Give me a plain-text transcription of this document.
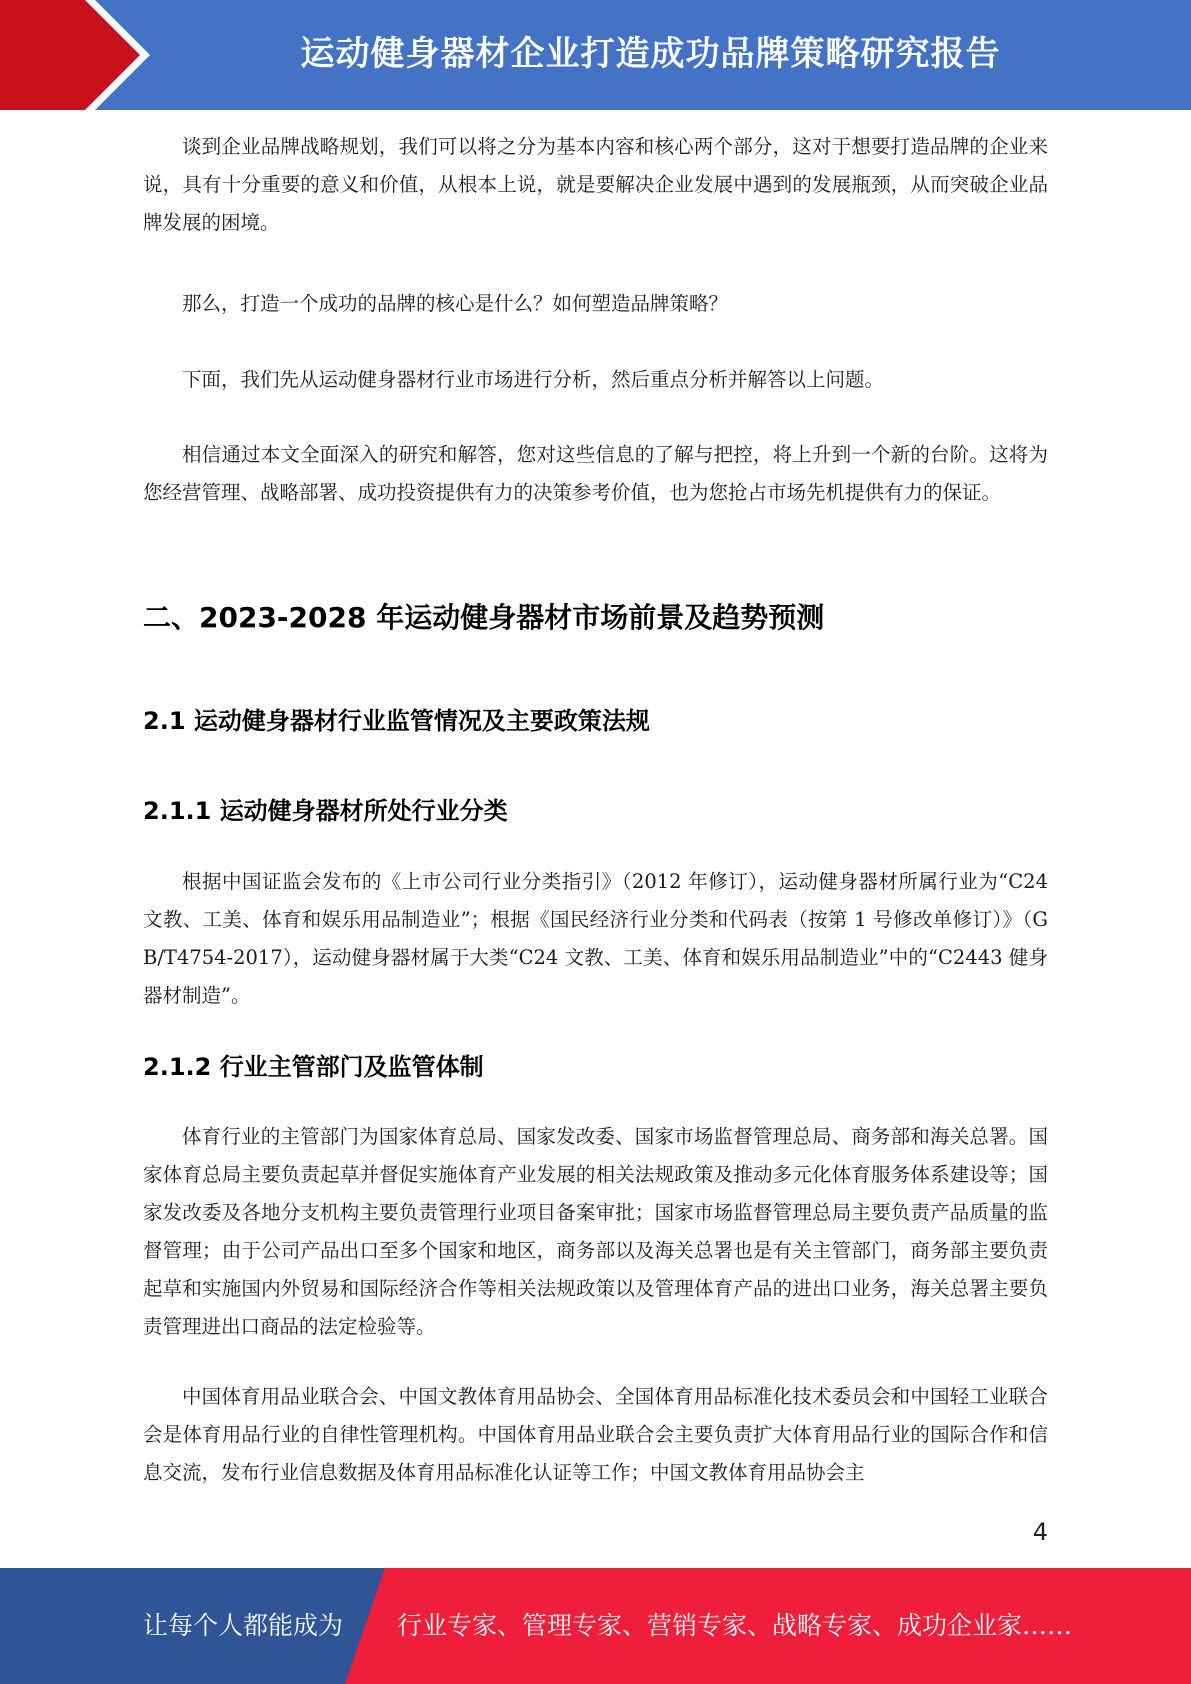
运动健身器材企业打造成功品牌策略研究报告

谈到企业品牌战略规划，我们可以将之分为基本内容和核心两个部分，这对于想要打造品牌的企业来说，具有十分重要的意义和价值，从根本上说，就是要解决企业发展中遇到的发展瓶颈，从而突破企业品牌发展的困境。

那么，打造一个成功的品牌的核心是什么？如何塑造品牌策略？

下面，我们先从运动健身器材行业市场进行分析，然后重点分析并解答以上问题。

相信通过本文全面深入的研究和解答，您对这些信息的了解与把控，将上升到一个新的台阶。这将为您经营管理、战略部署、成功投资提供有力的决策参考价值，也为您抢占市场先机提供有力的保证。

二、2023-2028 年运动健身器材市场前景及趋势预测
2.1 运动健身器材行业监管情况及主要政策法规
2.1.1 运动健身器材所处行业分类

根据中国证监会发布的《上市公司行业分类指引》（2012 年修订），运动健身器材所属行业为“C24 文教、工美、体育和娱乐用品制造业”；根据《国民经济行业分类和代码表（按第 1 号修改单修订）》（GB/T4754-2017），运动健身器材属于大类“C24 文教、工美、体育和娱乐用品制造业”中的“C2443 健身器材制造”。

2.1.2 行业主管部门及监管体制

体育行业的主管部门为国家体育总局、国家发改委、国家市场监督管理总局、商务部和海关总署。国家体育总局主要负责起草并督促实施体育产业发展的相关法规政策及推动多元化体育服务体系建设等；国家发改委及各地分支机构主要负责管理行业项目备案审批；国家市场监督管理总局主要负责产品质量的监督管理；由于公司产品出口至多个国家和地区，商务部以及海关总署也是有关主管部门，商务部主要负责起草和实施国内外贸易和国际经济合作等相关法规政策以及管理体育产品的进出口业务，海关总署主要负责管理进出口商品的法定检验等。

中国体育用品业联合会、中国文教体育用品协会、全国体育用品标准化技术委员会和中国轻工业联合会是体育用品行业的自律性管理机构。中国体育用品业联合会主要负责扩大体育用品行业的国际合作和信息交流，发布行业信息数据及体育用品标准化认证等工作；中国文教体育用品协会主

4
让每个人都能成为 行业专家、管理专家、营销专家、战略专家、成功企业家……
